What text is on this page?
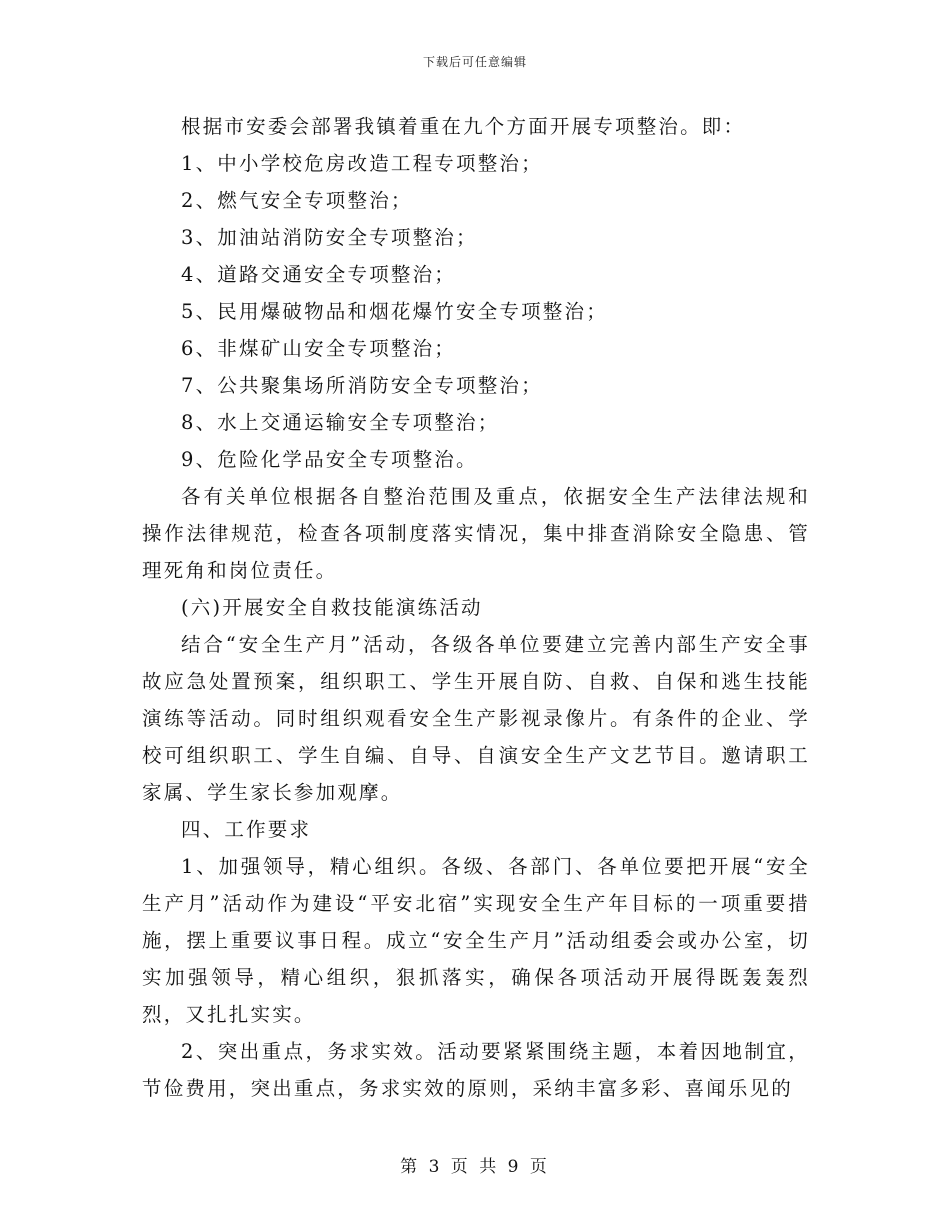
下载后可任意编辑

根据市安委会部署我镇着重在九个方面开展专项整治。即：

1、中小学校危房改造工程专项整治；

2、燃气安全专项整治；

3、加油站消防安全专项整治；

4、道路交通安全专项整治；

5、民用爆破物品和烟花爆竹安全专项整治；

6、非煤矿山安全专项整治；

7、公共聚集场所消防安全专项整治；

8、水上交通运输安全专项整治；

9、危险化学品安全专项整治。

各有关单位根据各自整治范围及重点，依据安全生产法律法规和操作法律规范，检查各项制度落实情况，集中排查消除安全隐患、管理死角和岗位责任。

(六)开展安全自救技能演练活动

结合“安全生产月”活动，各级各单位要建立完善内部生产安全事故应急处置预案，组织职工、学生开展自防、自救、自保和逃生技能演练等活动。同时组织观看安全生产影视录像片。有条件的企业、学校可组织职工、学生自编、自导、自演安全生产文艺节目。邀请职工家属、学生家长参加观摩。

四、工作要求

1、加强领导，精心组织。各级、各部门、各单位要把开展“安全生产月”活动作为建设“平安北宿”实现安全生产年目标的一项重要措施，摆上重要议事日程。成立“安全生产月”活动组委会或办公室，切实加强领导，精心组织，狠抓落实，确保各项活动开展得既轰轰烈烈，又扎扎实实。

2、突出重点，务求实效。活动要紧紧围绕主题，本着因地制宜，节俭费用，突出重点，务求实效的原则，采纳丰富多彩、喜闻乐见的

第 3 页 共 9 页
